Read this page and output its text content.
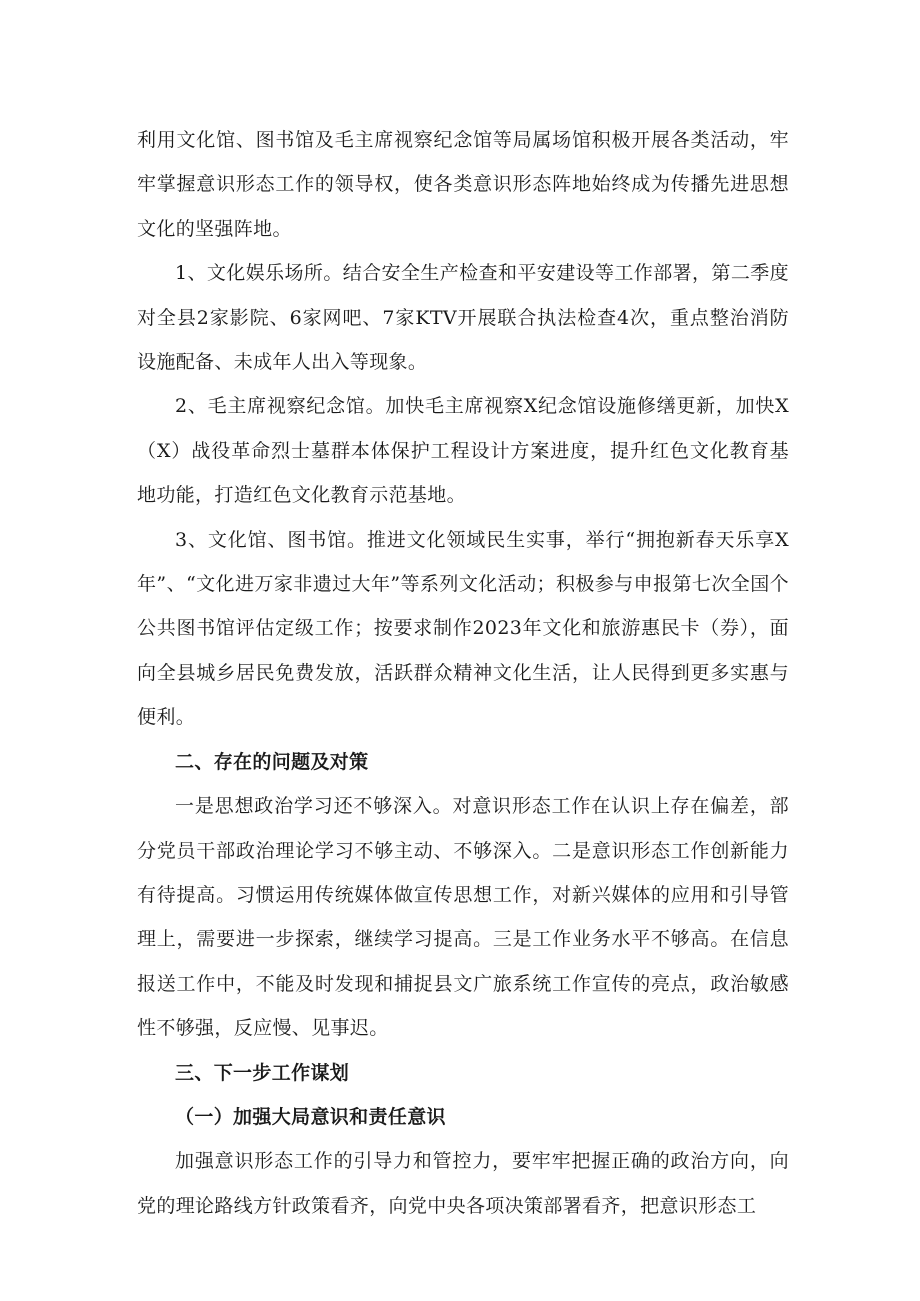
利用文化馆、图书馆及毛主席视察纪念馆等局属场馆积极开展各类活动，牢牢掌握意识形态工作的领导权，使各类意识形态阵地始终成为传播先进思想文化的坚强阵地。

1、文化娱乐场所。结合安全生产检查和平安建设等工作部署，第二季度对全县2家影院、6家网吧、7家KTV开展联合执法检查4次，重点整治消防设施配备、未成年人出入等现象。

2、毛主席视察纪念馆。加快毛主席视察X纪念馆设施修缮更新，加快X（X）战役革命烈士墓群本体保护工程设计方案进度，提升红色文化教育基地功能，打造红色文化教育示范基地。

3、文化馆、图书馆。推进文化领域民生实事，举行“拥抱新春天乐享X年”、“文化进万家非遗过大年”等系列文化活动；积极参与申报第七次全国个公共图书馆评估定级工作；按要求制作2023年文化和旅游惠民卡（券），面向全县城乡居民免费发放，活跃群众精神文化生活，让人民得到更多实惠与便利。

二、存在的问题及对策

一是思想政治学习还不够深入。对意识形态工作在认识上存在偏差，部分党员干部政治理论学习不够主动、不够深入。二是意识形态工作创新能力有待提高。习惯运用传统媒体做宣传思想工作，对新兴媒体的应用和引导管理上，需要进一步探索，继续学习提高。三是工作业务水平不够高。在信息报送工作中，不能及时发现和捕捉县文广旅系统工作宣传的亮点，政治敏感性不够强，反应慢、见事迟。

三、下一步工作谋划
（一）加强大局意识和责任意识

加强意识形态工作的引导力和管控力，要牢牢把握正确的政治方向，向党的理论路线方针政策看齐，向党中央各项决策部署看齐，把意识形态工
